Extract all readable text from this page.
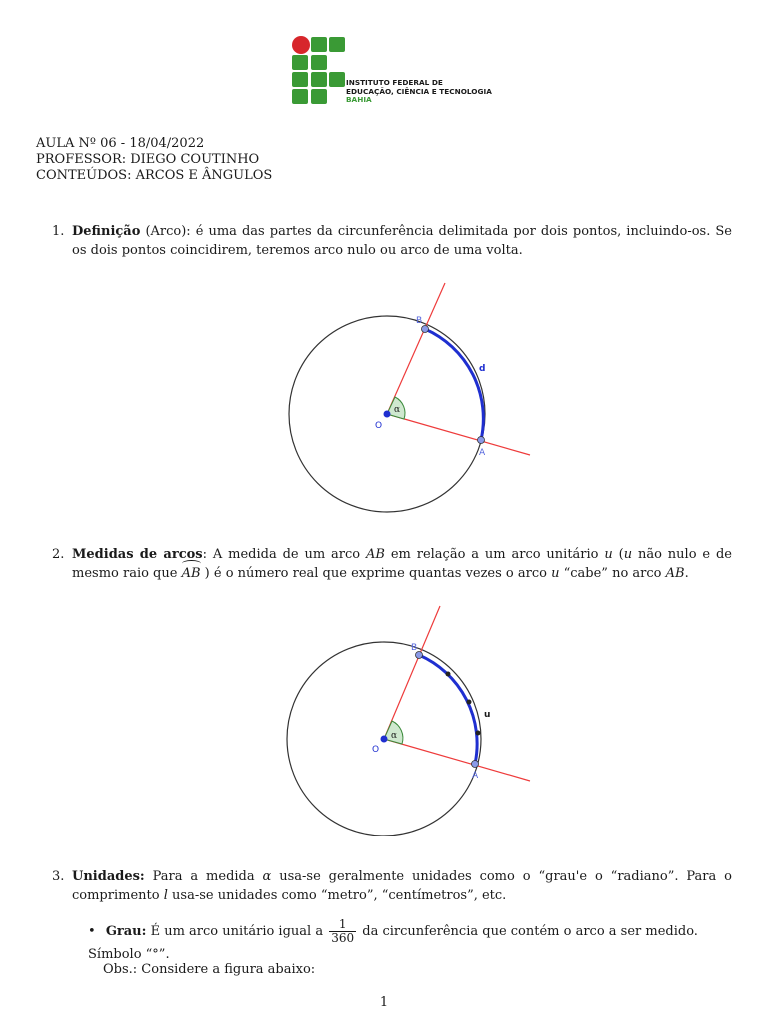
INSTITUTO FEDERAL DE
EDUCAÇÃO, CIÊNCIA E TECNOLOGIA
BAHIA
AULA Nº 06 - 18/04/2022
PROFESSOR: DIEGO COUTINHO
CONTEÚDOS: ARCOS E ÂNGULOS
1. Definição (Arco): é uma das partes da circunferência delimitada por dois pontos, incluindo-os. Se os dois pontos coincidirem, teremos arco nulo ou arco de uma volta.
B
A
O
d
α
2. Medidas de arcos: A medida de um arco AB em relação a um arco unitário u (u não nulo e de mesmo raio que AB ) é o número real que exprime quantas vezes o arco u “cabe” no arco AB.
B
A
O
u
α
3. Unidades: Para a medida α usa-se geralmente unidades como o “grau'e o “radiano”. Para o comprimento l usa-se unidades como “metro”, “centímetros”, etc.
• Grau: É um arco unitário igual a $\frac{1}{360}$ da circunferência que contém o arco a ser medido. Símbolo “°”.
Obs.: Considere a figura abaixo:
1
